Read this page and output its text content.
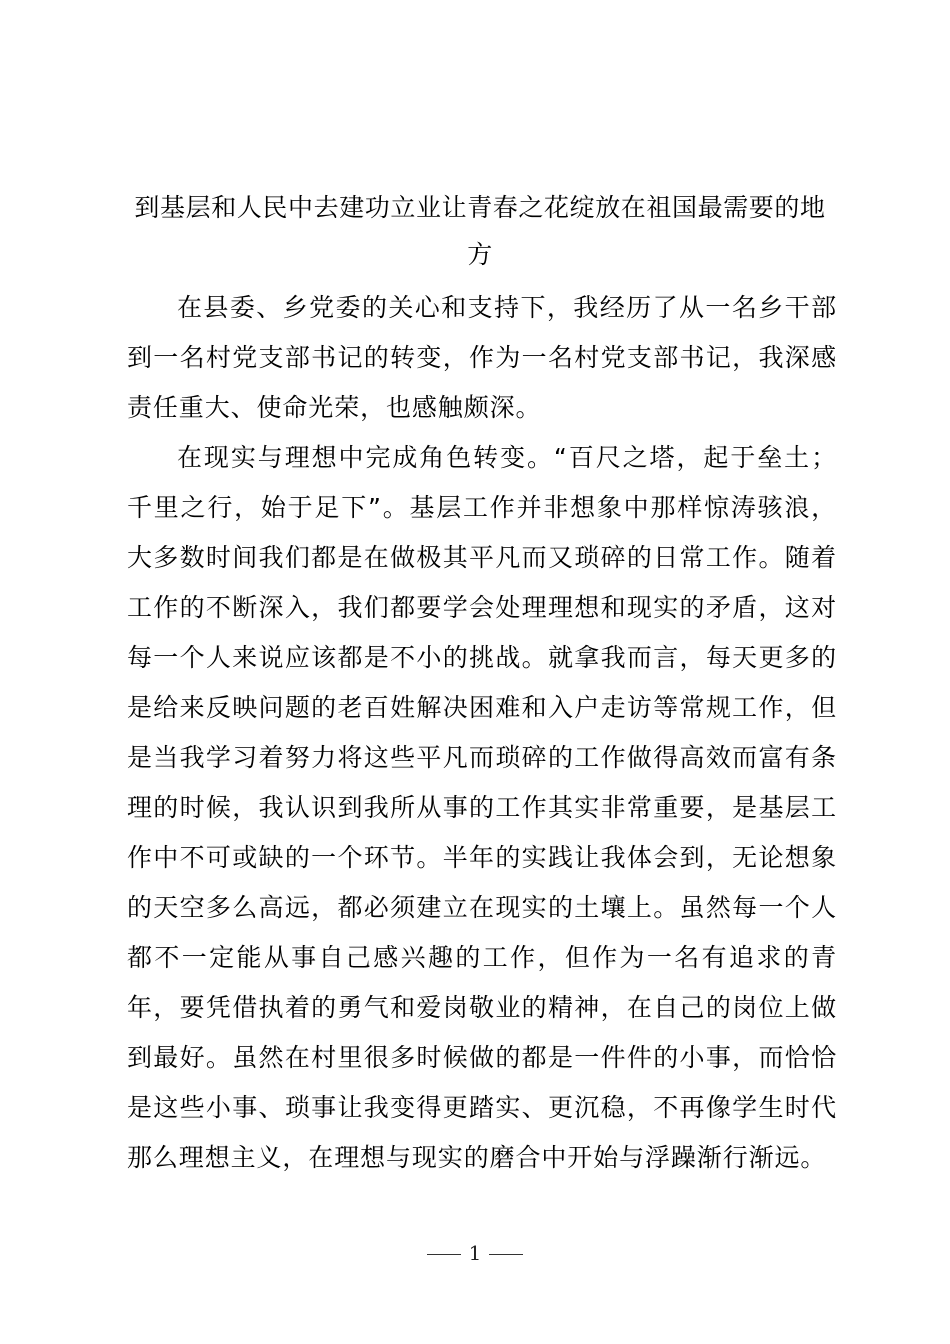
到基层和人民中去建功立业让青春之花绽放在祖国最需要的地方

在县委、乡党委的关心和支持下，我经历了从一名乡干部到一名村党支部书记的转变，作为一名村党支部书记，我深感责任重大、使命光荣，也感触颇深。

在现实与理想中完成角色转变。“百尺之塔，起于垒土；千里之行，始于足下”。基层工作并非想象中那样惊涛骇浪，大多数时间我们都是在做极其平凡而又琐碎的日常工作。随着工作的不断深入，我们都要学会处理理想和现实的矛盾，这对每一个人来说应该都是不小的挑战。就拿我而言，每天更多的是给来反映问题的老百姓解决困难和入户走访等常规工作，但是当我学习着努力将这些平凡而琐碎的工作做得高效而富有条理的时候，我认识到我所从事的工作其实非常重要，是基层工作中不可或缺的一个环节。半年的实践让我体会到，无论想象的天空多么高远，都必须建立在现实的土壤上。虽然每一个人都不一定能从事自己感兴趣的工作，但作为一名有追求的青年，要凭借执着的勇气和爱岗敬业的精神，在自己的岗位上做到最好。虽然在村里很多时候做的都是一件件的小事，而恰恰是这些小事、琐事让我变得更踏实、更沉稳，不再像学生时代那么理想主义，在理想与现实的磨合中开始与浮躁渐行渐远。

1
